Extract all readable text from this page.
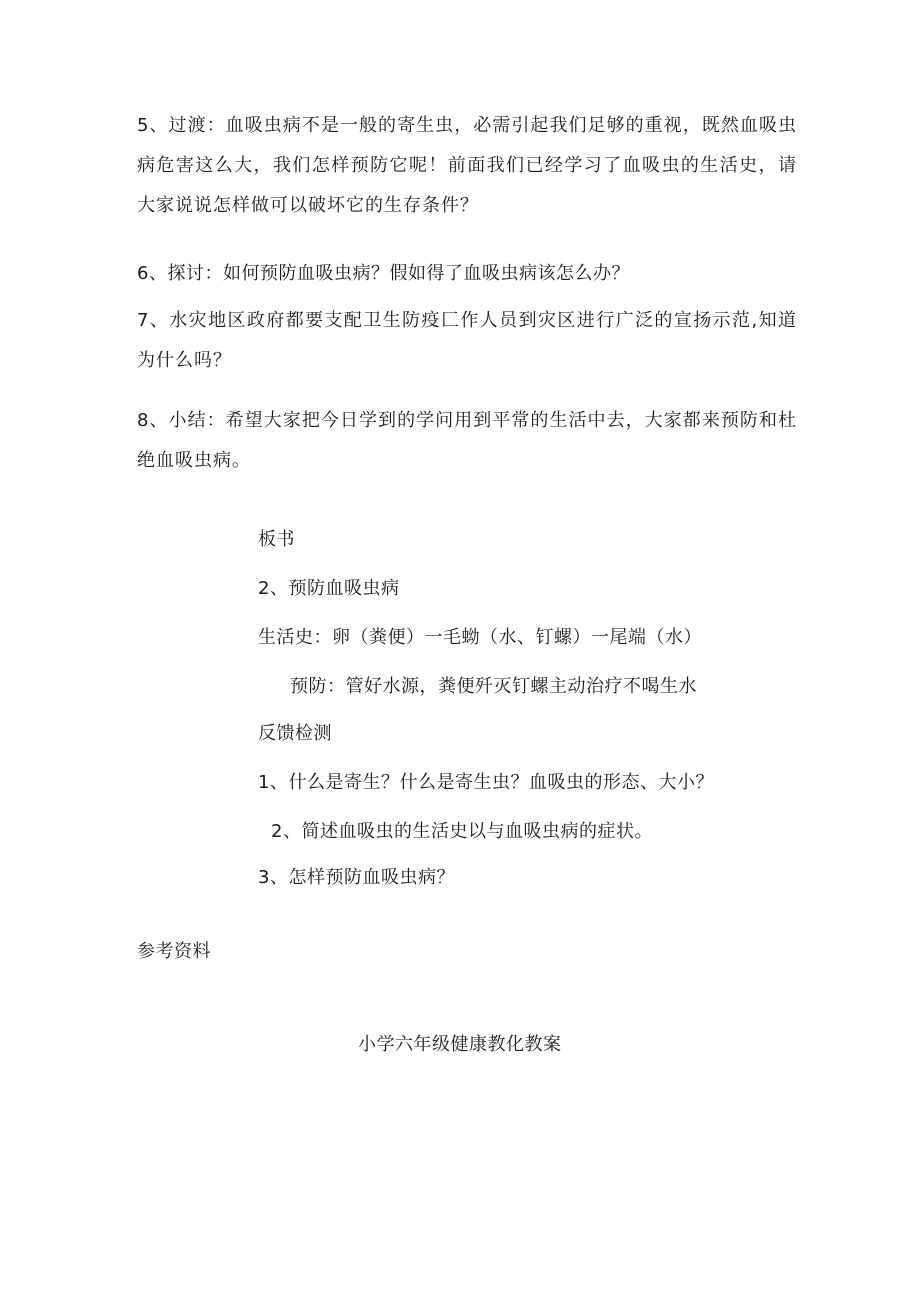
5、过渡：血吸虫病不是一般的寄生虫，必需引起我们足够的重视，既然血吸虫病危害这么大，我们怎样预防它呢！前面我们已经学习了血吸虫的生活史，请大家说说怎样做可以破坏它的生存条件？
6、探讨：如何预防血吸虫病？假如得了血吸虫病该怎么办？
7、水灾地区政府都要支配卫生防疫匚作人员到灾区进行广泛的宣扬示范,知道为什么吗？
8、小结：希望大家把今日学到的学问用到平常的生活中去，大家都来预防和杜绝血吸虫病。
板书
2、预防血吸虫病
生活史：卵（粪便）一毛蚴（水、钉螺）一尾端（水）
预防：管好水源，粪便歼灭钉螺主动治疗不喝生水
反馈检测
1、什么是寄生？什么是寄生虫？血吸虫的形态、大小？
2、简述血吸虫的生活史以与血吸虫病的症状。
3、怎样预防血吸虫病？
参考资料
小学六年级健康教化教案
